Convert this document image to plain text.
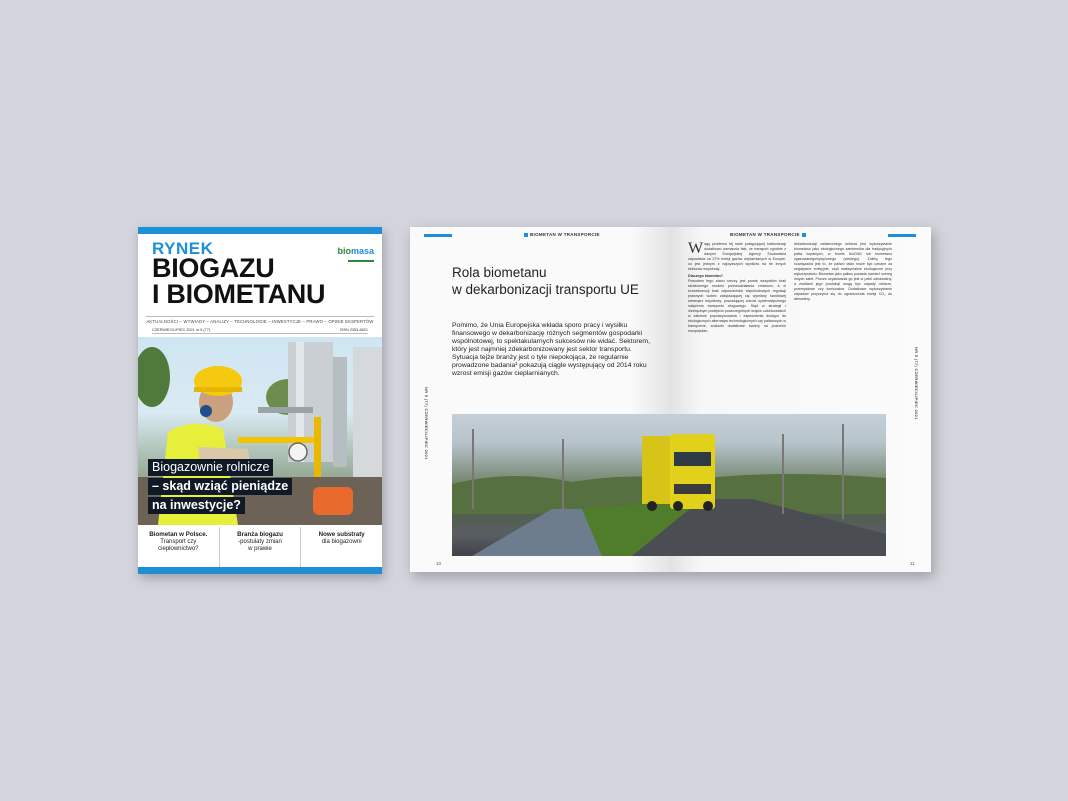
RYNEK
BIOGAZU
I BIOMETANU
biomasa
AKTUALNOŚCI – WYWIADY – ANALIZY – TECHNOLOGIE – INWESTYCJE – PRAWO – OPINIE EKSPERTÓW
CZERWIEC/LIPIEC 2021 nr 5 (77)	ISSN 2353-8821
Biogazownie rolnicze
– skąd wziąć pieniądze
na inwestycje?
Biometan w Polsce.
Transport czy
ciepłownictwo?
Branża biogazu
-postulaty zmian
w prawie
Nowe substraty
dla biogazowni
BIOMETAN W TRANSPORCIE
Rola biometanu
w dekarbonizacji transportu UE
Pomimo, że Unia Europejska wkłada sporo pracy i wysiłku finansowego w dekarbonizację różnych segmentów gospodarki wspólnotowej, to spektakularnych sukcesów nie widać. Sektorem, który jest najmniej zdekarbonizowany jest sektor transportu. Sytuacja tejże branży jest o tyle niepokojąca, że regularnie prowadzone badania¹ pokazują ciągle występujący od 2014 roku wzrost emisji gazów cieplarnianych.
NR 5 (77) CZERWIEC/LIPIEC 2021
10
BIOMETAN W TRANSPORCIE
W agę problemu tej stale postępującej karbonizacji dodatkowo wzmacnia fakt, że transport zgodnie z danymi Europejskiej Agencji Środowiska odpowiada za 27% emisji gazów cieplarnianych w Europie, co jest jednym z najwyższych wyników na tle innych sektorów wspólnoty.
Dlaczego biometan?
Powodem tego stanu rzeczy jest proste wszystkim brak skutecznego modelu przeciwdziałania zmianom, a w konsekwencji brak odpowiednich wspólnotowych regulacji prawnych wobec zwiększającej się wymiany handlowej wewnątrz wspólnoty, powodującej wzrost systematycznego natężenia transportu drogowego. Stąd w strategii i niezbędnym podejściu poszczególnych krajów członkowskich w zakresie popularyzowania i zapewnienia dostępu do ekologicznych alternatyw technologicznych czy paliwowych w transporcie, znalazło dodatkowe bariery na poziomie europejskim.
dekarbonizacji ostatecznego sektora jest wykorzystanie biometanu jako ekologicznego zamiennika dla tradycyjnych paliw kopalnych, w formie bioCNG lub biometanu zgazowanego/sprężonego (ciekłego). Zaletą tego rozwiązania jest to, że paliwo takie może być uznane za negatywne emisyjnie, czyli maksymalnie ekologiczne przy wykorzystaniu. Biometan jako paliwo posiada również szereg innych zalet. Proces uzyskiwania go jest w pełni odnawialny, a źródłami jego produkcji mogą być odpady rolnicze, przemysłowe czy komunalne. Dodatkowo wykorzystanie odpadów przyczynia się do ograniczenia emisji CO₂ do atmosfery.
NR 5 (77) CZERWIEC/LIPIEC 2021
11
